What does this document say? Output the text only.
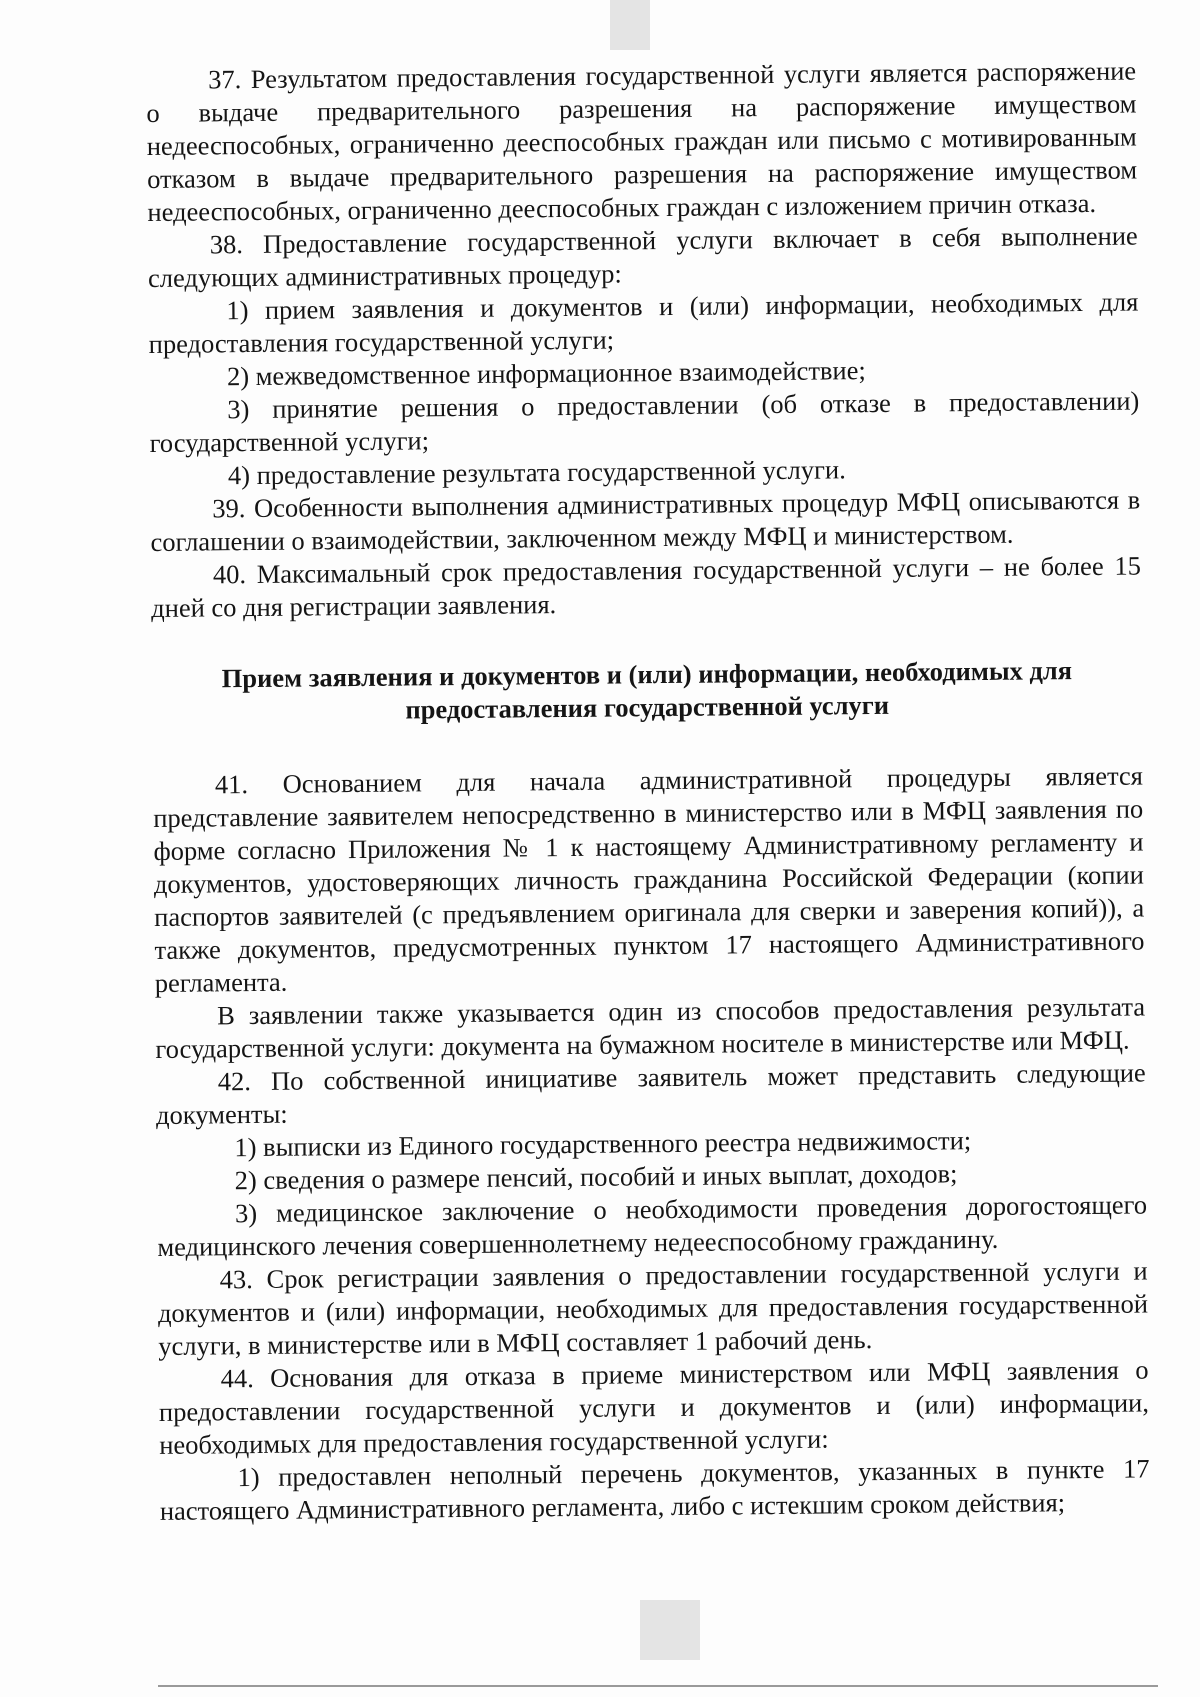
37. Результатом предоставления государственной услуги является распоряжение о выдаче предварительного разрешения на распоряжение имуществом недееспособных, ограниченно дееспособных граждан или письмо с мотивированным отказом в выдаче предварительного разрешения на распоряжение имуществом недееспособных, ограниченно дееспособных граждан с изложением причин отказа.

38. Предоставление государственной услуги включает в себя выполнение следующих административных процедур:

1) прием заявления и документов и (или) информации, необходимых для предоставления государственной услуги;

2) межведомственное информационное взаимодействие;

3) принятие решения о предоставлении (об отказе в предоставлении) государственной услуги;

4) предоставление результата государственной услуги.

39. Особенности выполнения административных процедур МФЦ описываются в соглашении о взаимодействии, заключенном между МФЦ и министерством.

40. Максимальный срок предоставления государственной услуги – не более 15 дней со дня регистрации заявления.

Прием заявления и документов и (или) информации, необходимых для предоставления государственной услуги

41. Основанием для начала административной процедуры является представление заявителем непосредственно в министерство или в МФЦ заявления по форме согласно Приложения № 1 к настоящему Административному регламенту и документов, удостоверяющих личность гражданина Российской Федерации (копии паспортов заявителей (с предъявлением оригинала для сверки и заверения копий)), а также документов, предусмотренных пунктом 17 настоящего Административного регламента.

В заявлении также указывается один из способов предоставления результата государственной услуги: документа на бумажном носителе в министерстве или МФЦ.

42. По собственной инициативе заявитель может представить следующие документы:

1) выписки из Единого государственного реестра недвижимости;

2) сведения о размере пенсий, пособий и иных выплат, доходов;

3) медицинское заключение о необходимости проведения дорогостоящего медицинского лечения совершеннолетнему недееспособному гражданину.

43. Срок регистрации заявления о предоставлении государственной услуги и документов и (или) информации, необходимых для предоставления государственной услуги, в министерстве или в МФЦ составляет 1 рабочий день.

44. Основания для отказа в приеме министерством или МФЦ заявления о предоставлении государственной услуги и документов и (или) информации, необходимых для предоставления государственной услуги:

1) предоставлен неполный перечень документов, указанных в пункте 17 настоящего Административного регламента, либо с истекшим сроком действия;
